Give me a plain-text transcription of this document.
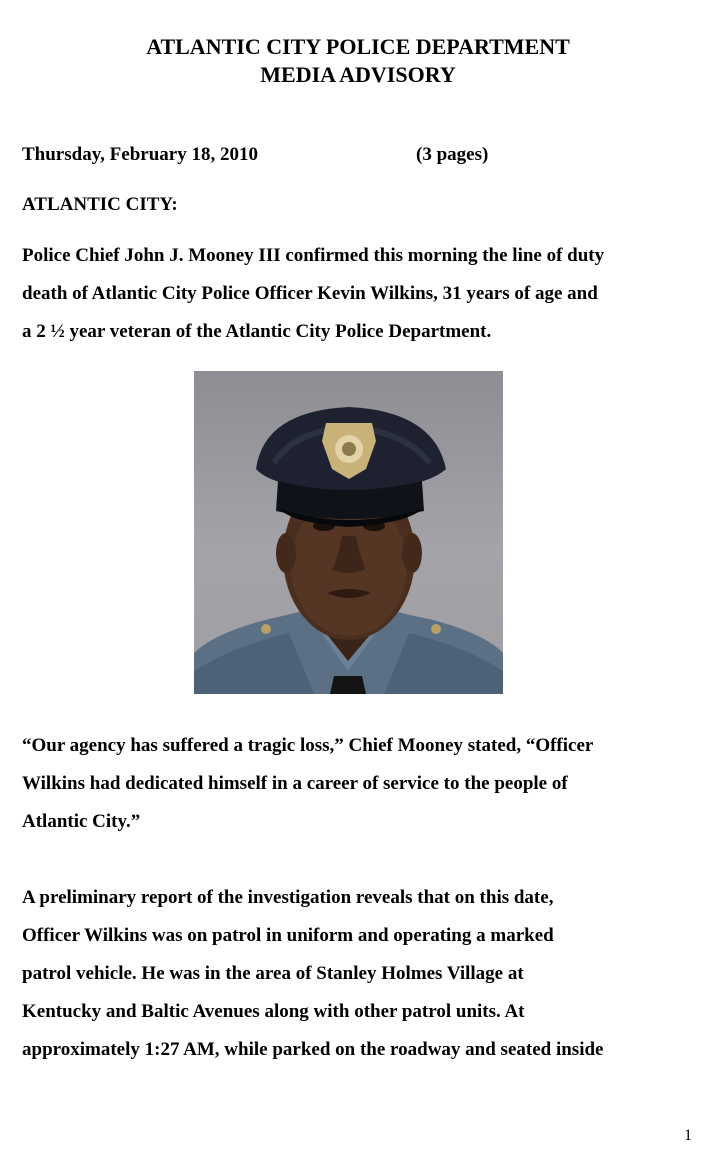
ATLANTIC CITY POLICE DEPARTMENT
MEDIA ADVISORY

Thursday, February 18, 2010	(3 pages)

ATLANTIC CITY:

Police Chief John J. Mooney III confirmed this morning the line of duty
death of Atlantic City Police Officer Kevin Wilkins, 31 years of age and
a 2 ½ year veteran of the Atlantic City Police Department.

“Our agency has suffered a tragic loss,” Chief Mooney stated, “Officer
Wilkins had dedicated himself in a career of service to the people of
Atlantic City.”

A preliminary report of the investigation reveals that on this date,
Officer Wilkins was on patrol in uniform and operating a marked
patrol vehicle. He was in the area of Stanley Holmes Village at
Kentucky and Baltic Avenues along with other patrol units. At
approximately 1:27 AM, while parked on the roadway and seated inside

1
